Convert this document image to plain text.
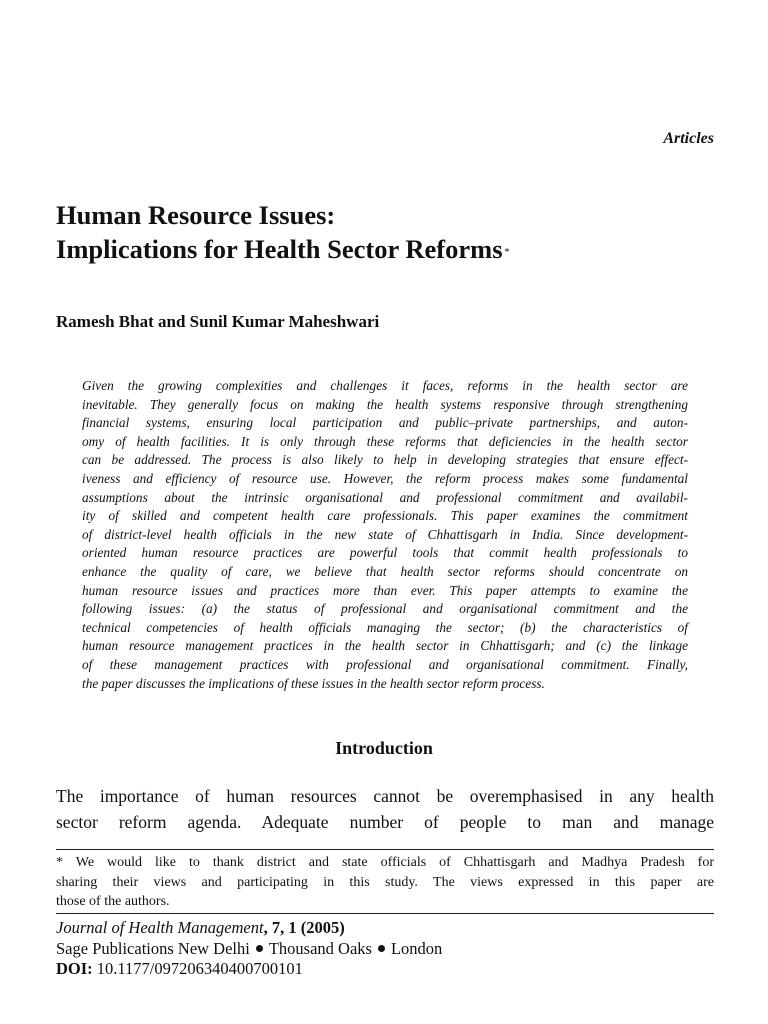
Articles
Human Resource Issues:
Implications for Health Sector Reforms *
Ramesh Bhat and Sunil Kumar Maheshwari
Given the growing complexities and challenges it faces, reforms in the health sector are
inevitable. They generally focus on making the health systems responsive through strengthening
financial systems, ensuring local participation and public–private partnerships, and auton-
omy of health facilities. It is only through these reforms that deficiencies in the health sector
can be addressed. The process is also likely to help in developing strategies that ensure effect-
iveness and efficiency of resource use. However, the reform process makes some fundamental
assumptions about the intrinsic organisational and professional commitment and availabil-
ity of skilled and competent health care professionals. This paper examines the commitment
of district-level health officials in the new state of Chhattisgarh in India. Since development-
oriented human resource practices are powerful tools that commit health professionals to
enhance the quality of care, we believe that health sector reforms should concentrate on
human resource issues and practices more than ever. This paper attempts to examine the
following issues: (a) the status of professional and organisational commitment and the
technical competencies of health officials managing the sector; (b) the characteristics of
human resource management practices in the health sector in Chhattisgarh; and (c) the linkage
of these management practices with professional and organisational commitment. Finally,
the paper discusses the implications of these issues in the health sector reform process.
Introduction
The importance of human resources cannot be overemphasised in any health
sector reform agenda. Adequate number of people to man and manage
* We would like to thank district and state officials of Chhattisgarh and Madhya Pradesh for
sharing their views and participating in this study. The views expressed in this paper are
those of the authors.
Journal of Health Management, 7, 1 (2005)
Sage Publications New Delhi Thousand Oaks London
DOI: 10.1177/097206340400700101
